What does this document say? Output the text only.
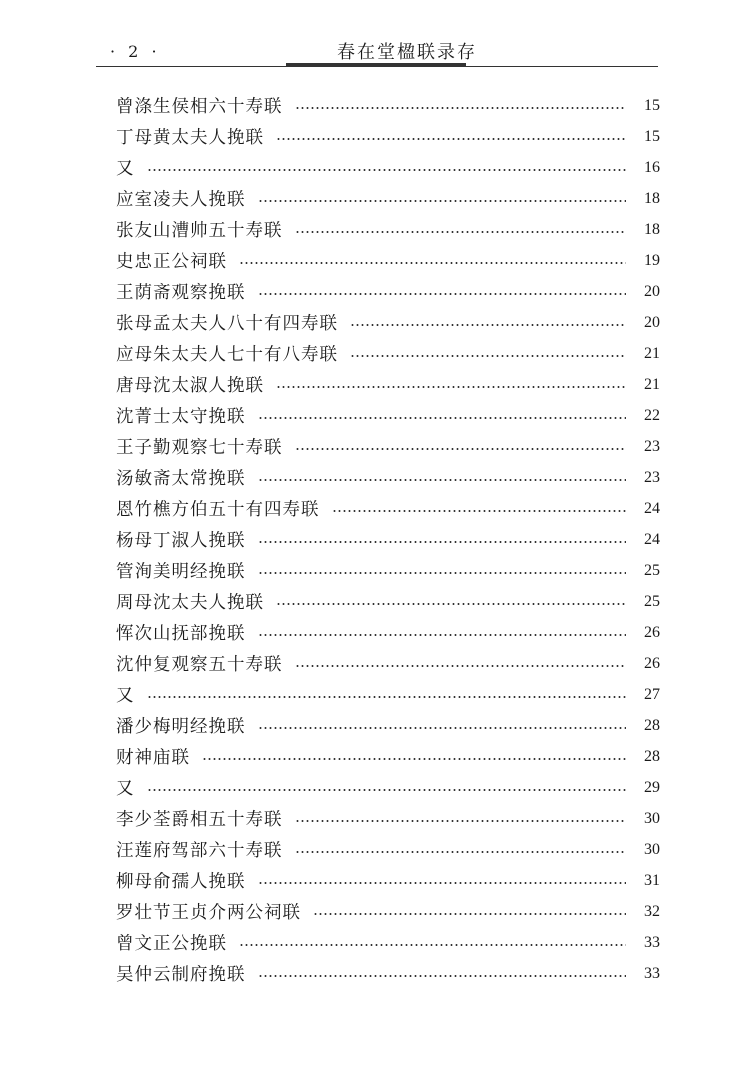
· 2 ·	春在堂楹联录存
曾涤生侯相六十寿联	15
丁母黄太夫人挽联	15
又	16
应室凌夫人挽联	18
张友山漕帅五十寿联	18
史忠正公祠联	19
王荫斋观察挽联	20
张母孟太夫人八十有四寿联	20
应母朱太夫人七十有八寿联	21
唐母沈太淑人挽联	21
沈菁士太守挽联	22
王子勤观察七十寿联	23
汤敏斋太常挽联	23
恩竹樵方伯五十有四寿联	24
杨母丁淑人挽联	24
管洵美明经挽联	25
周母沈太夫人挽联	25
恽次山抚部挽联	26
沈仲复观察五十寿联	26
又	27
潘少梅明经挽联	28
财神庙联	28
又	29
李少荃爵相五十寿联	30
汪莲府驾部六十寿联	30
柳母俞孺人挽联	31
罗壮节王贞介两公祠联	32
曾文正公挽联	33
吴仲云制府挽联	33
